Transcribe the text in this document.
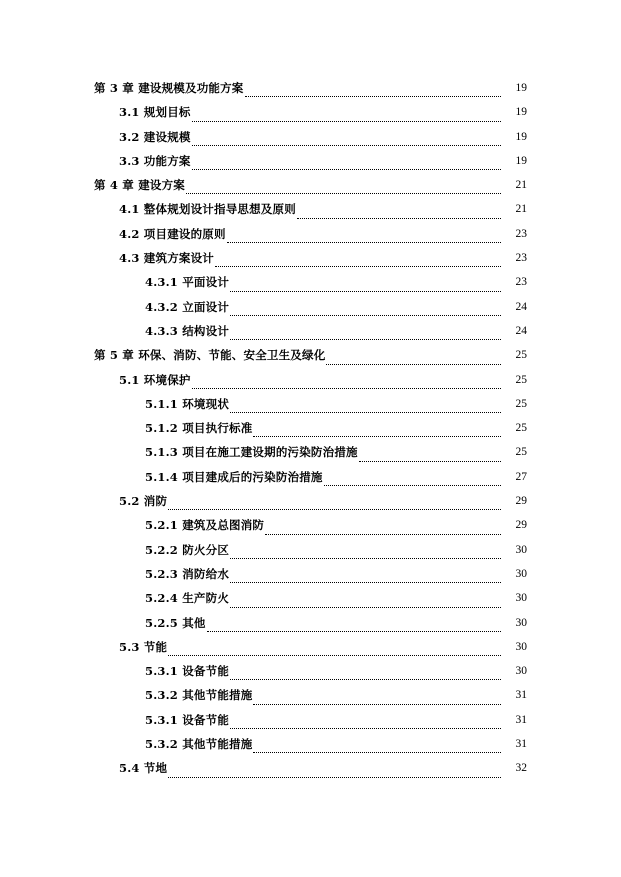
第 3 章 建设规模及功能方案	19
3.1 规划目标	19
3.2 建设规模	19
3.3 功能方案	19
第 4 章 建设方案	21
4.1 整体规划设计指导思想及原则	21
4.2 项目建设的原则	23
4.3 建筑方案设计	23
4.3.1 平面设计	23
4.3.2 立面设计	24
4.3.3 结构设计	24
第 5 章 环保、消防、节能、安全卫生及绿化	25
5.1 环境保护	25
5.1.1 环境现状	25
5.1.2 项目执行标准	25
5.1.3 项目在施工建设期的污染防治措施	25
5.1.4 项目建成后的污染防治措施	27
5.2 消防	29
5.2.1 建筑及总图消防	29
5.2.2 防火分区	30
5.2.3 消防给水	30
5.2.4 生产防火	30
5.2.5 其他	30
5.3 节能	30
5.3.1 设备节能	30
5.3.2 其他节能措施	31
5.3.1 设备节能	31
5.3.2 其他节能措施	31
5.4 节地	32
